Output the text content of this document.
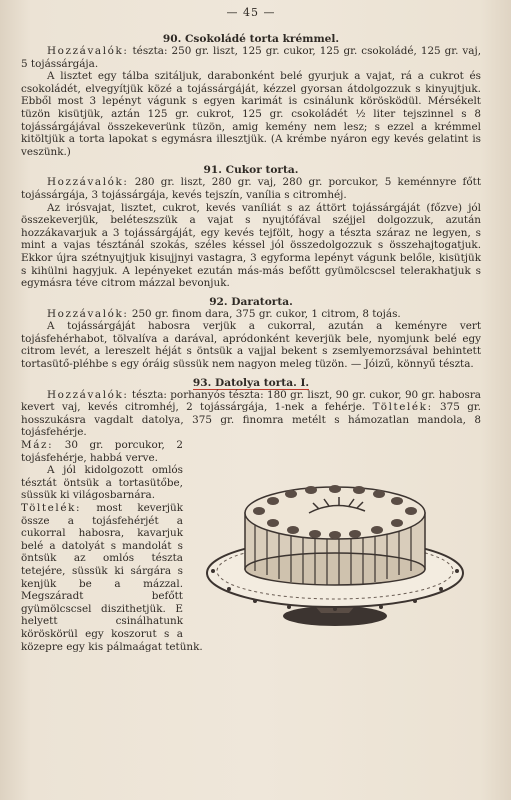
— 45 —

90. Csokoládé torta krémmel.

Hozzávalók: tészta: 250 gr. liszt, 125 gr. cukor, 125 gr. csokoládé, 125 gr. vaj, 5 tojássárgája.

A lisztet egy tálba szitáljuk, darabonként belé gyurjuk a vajat, rá a cukrot és csokoládét, elvegyítjük közé a tojássárgáját, kézzel gyorsan átdolgozzuk s kinyujtjuk. Ebből most 3 lepényt vágunk s egyen karimát is csinálunk körösködül. Mérsékelt tüzön kisütjük, aztán 125 gr. cukrot, 125 gr. csokoládét ½ liter tejszinnel s 8 tojássárgájával összekeverünk tüzön, amig kemény nem lesz; s ezzel a krémmel kitöltjük a torta lapokat s egymásra illesztjük. (A krémbe nyáron egy kevés gelatint is veszünk.)

91. Cukor torta.

Hozzávalók: 280 gr. liszt, 280 gr. vaj, 280 gr. porcukor, 5 keménnyre főtt tojássárgája, 3 tojássárgája, kevés tejszín, vanília s citromhéj.

Az irósvajat, lisztet, cukrot, kevés vaníliát s az áttört tojássárgáját (főzve) jól összekeverjük, beléteszszük a vajat s nyujtófával széjjel dolgozzuk, azután hozzákavarjuk a 3 tojássárgáját, egy kevés tejfölt, hogy a tészta száraz ne legyen, s mint a vajas tésztánál szokás, széles késsel jól összedolgozzuk s összehajtogatjuk. Ekkor újra szétnyujtjuk kisujjnyi vastagra, 3 egyforma lepényt vágunk belőle, kisütjük s kihülni hagyjuk. A lepényeket ezután más-más befőtt gyümölcscsel telerakhatjuk s egymásra téve citrom mázzal bevonjuk.

92. Daratorta.

Hozzávalók: 250 gr. finom dara, 375 gr. cukor, 1 citrom, 8 tojás.

A tojássárgáját habosra verjük a cukorral, azután a keményre vert tojásfehérhabot, tölvalíva a darával, apródonként keverjük bele, nyomjunk belé egy citrom levét, a lereszelt héját s öntsük a vajjal bekent s zsemlyemorzsával behintett tortasütő-pléhbe s egy óráig süssük nem nagyon meleg tüzön. — Jóizű, könnyű tészta.

93. Datolya torta. I.

Hozzávalók: tészta: porhanyós tészta: 180 gr. liszt, 90 gr. cukor, 90 gr. habosra kevert vaj, kevés citromhéj, 2 tojássárgája, 1-nek a fehérje. Töltelék: 375 gr. hosszukásra vagdalt datolya, 375 gr. finomra metélt s hámozatlan mandola, 8 tojásfehérje.

Máz: 30 gr. porcukor, 2 tojásfehérje, habbá verve.

A jól kidolgozott omlós tésztát öntsük a tortasütőbe, süssük ki világosbarnára.

Töltelék: most keverjük össze a tojásfehérjét a cukorral habosra, kavarjuk belé a datolyát s mandolát s öntsük az omlós tészta tetejére, süssük ki sárgára s kenjük be a mázzal. Megszáradt befőtt gyümölcscsel diszithetjük. E helyett csinálhatunk köröskörül egy koszorut s a közepre egy kis pálmaágat tetünk.
